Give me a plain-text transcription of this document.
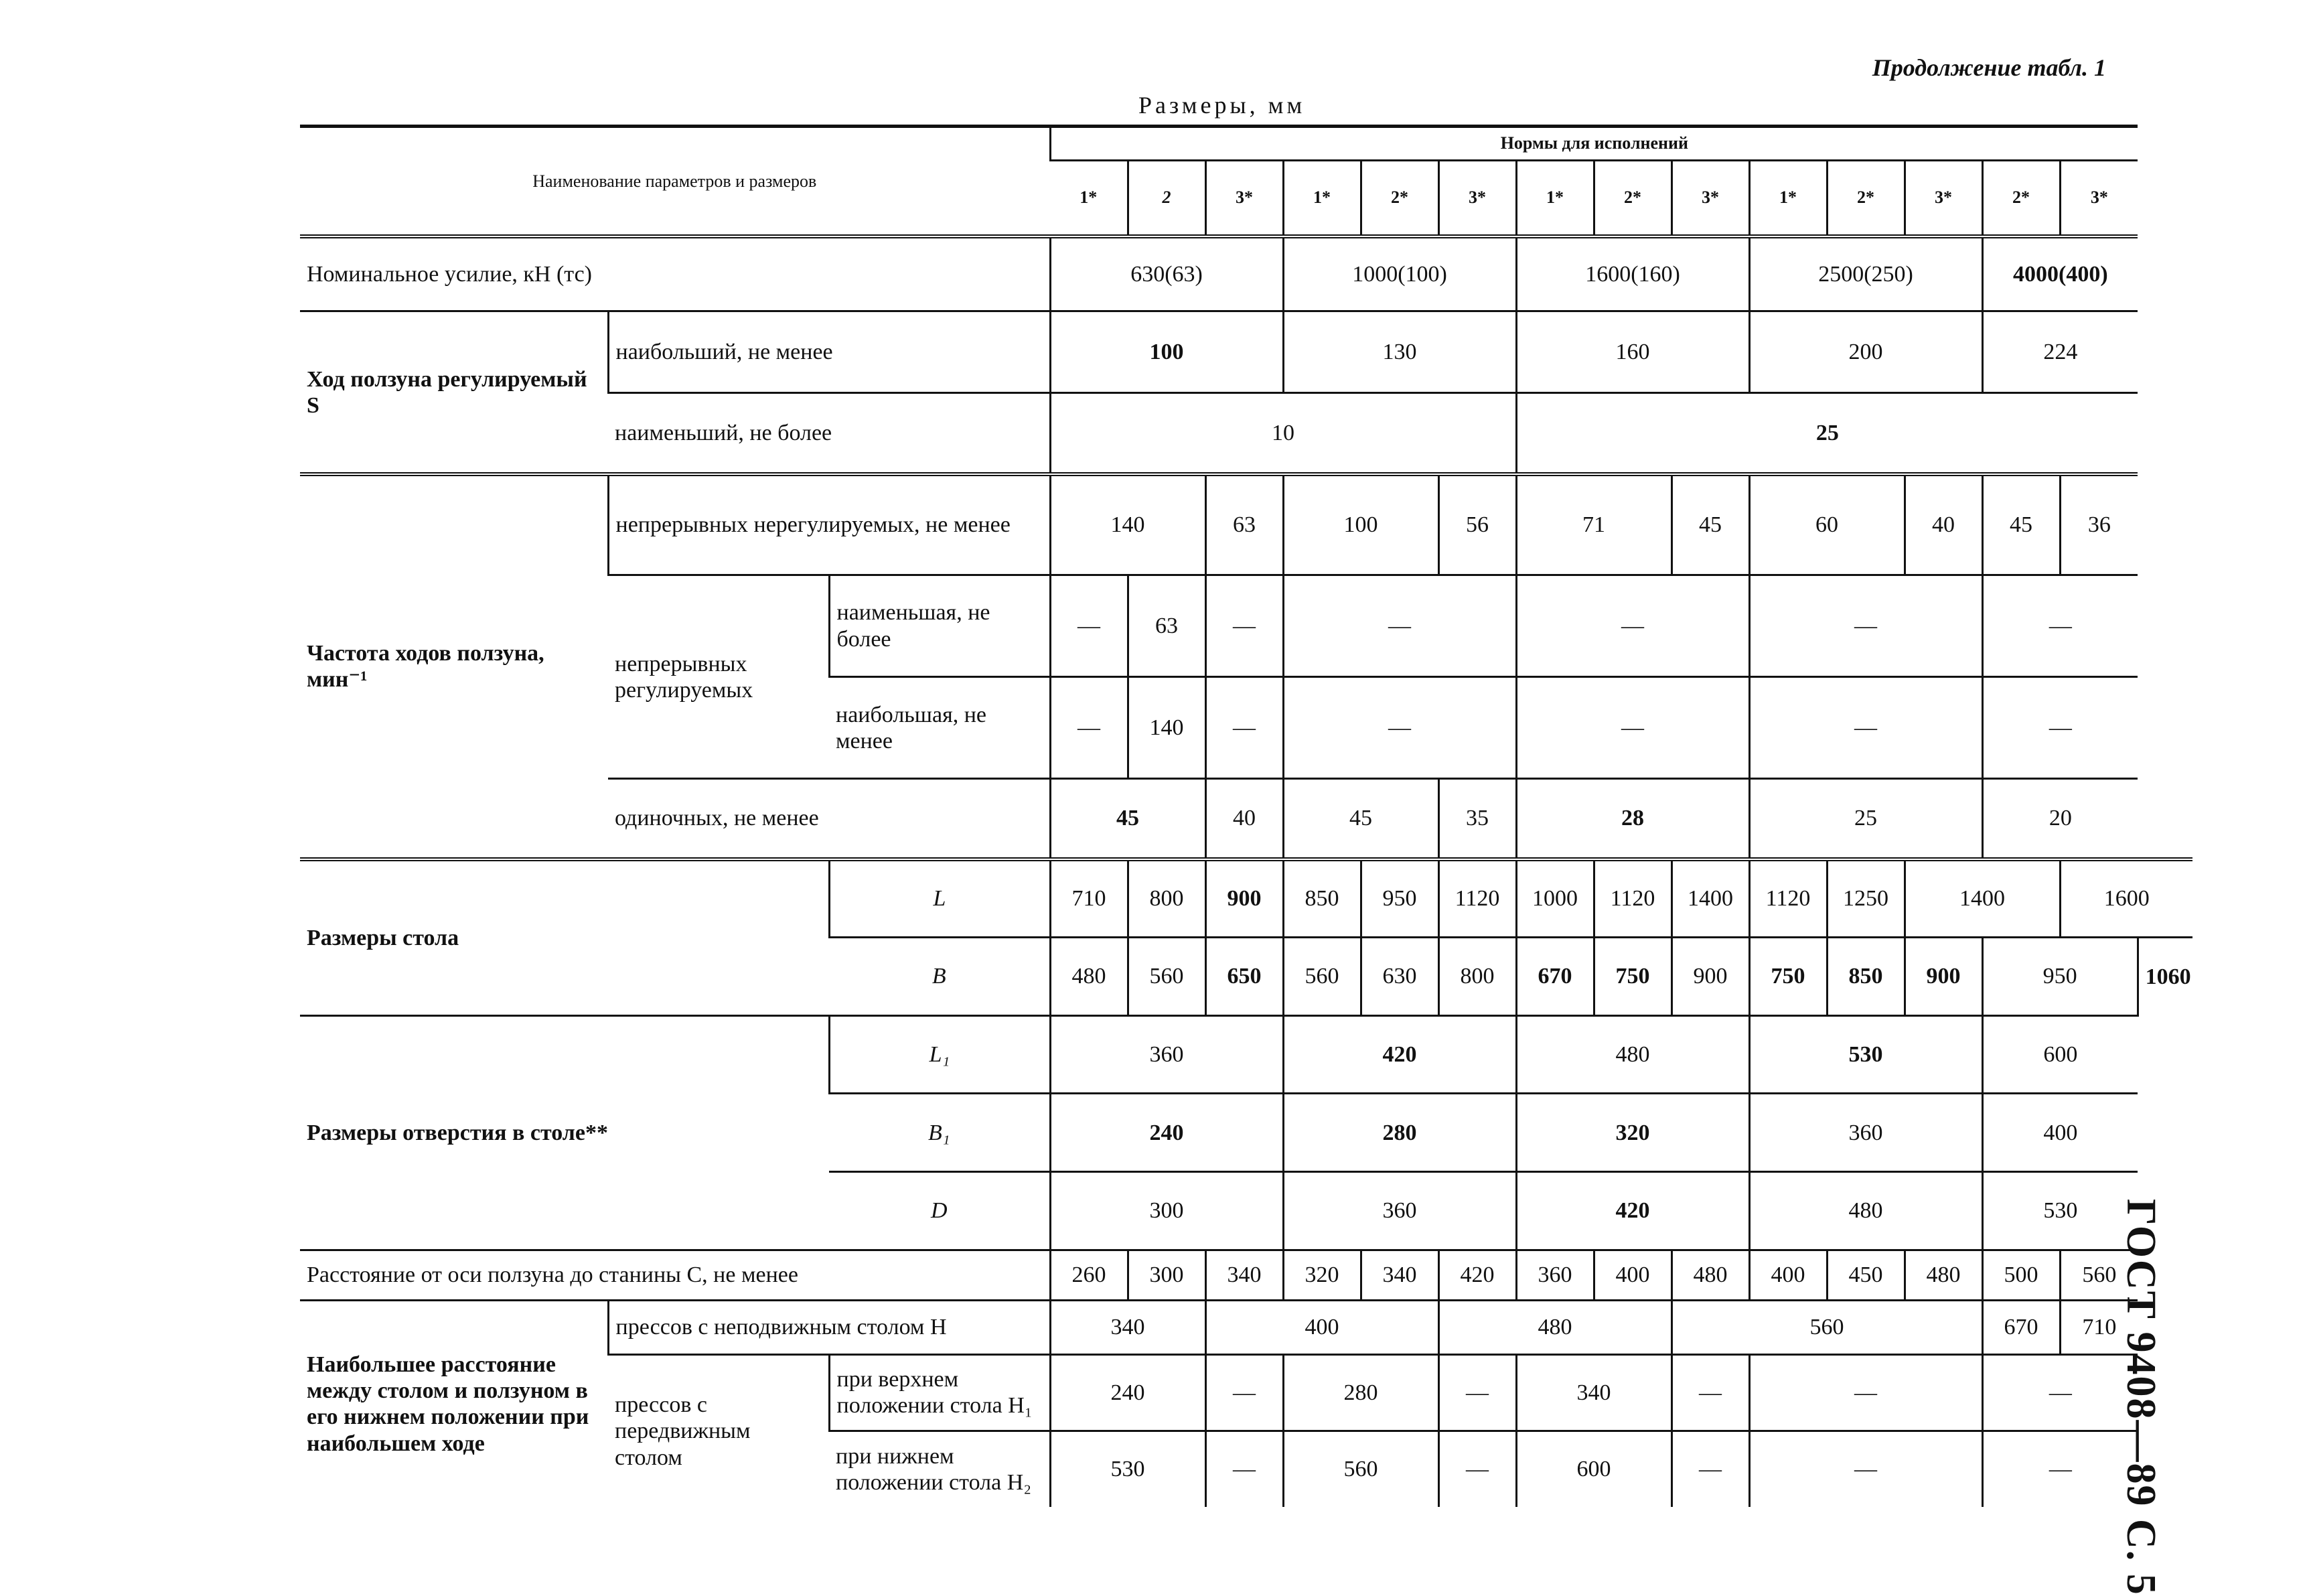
Продолжение табл. 1
Размеры, мм
ГОСТ 9408—89 С. 5
Наименование параметров и размеров			Нормы для исполнений														
			1*	2	3*	1*	2*	3*	1*	2*	3*	1*	2*	3*	2*	3*	
Номинальное усилие, кН (тс)			630(63)			1000(100)			1600(160)			2500(250)			4000(400)		
Ход ползуна регулируемый S	наибольший, не менее		100			130			160			200			224		
	наименьший, не более		10						25								
Частота ходов ползуна, мин⁻¹	непрерывных нерегулируемых, не менее		140		63	100		56	71		45	60		40	45	36	
	непрерывных регулируемых	наименьшая, не более	—	63	—	—			—			—			—		
		наибольшая, не менее	—	140	—	—			—			—			—		
	одиночных, не менее		45		40	45		35	28			25			20		
Размеры стола		L	710	800	900	850	950	1120	1000	1120	1400	1120	1250	1400		1600	
		B	480	560	650	560	630	800	670	750	900	750	850	900	950		1060
Размеры отверстия в столе**		L₁	360			420			480			530			600		
		B₁	240			280			320			360			400		
		D	300			360			420			480			530		
Расстояние от оси ползуна до станины C, не менее			260	300	340	320	340	420	360	400	480	400	450	480	500	560	
Наибольшее расстояние между столом и ползуном в его нижнем положении при наибольшем ходе	прессов с неподвижным столом H		340		400			480			560				670	710	
	прессов с передвижным столом	при верхнем положении стола H₁	240		—	280		—	340		—	—			—		
		при нижнем положении стола H₂	530		—	560		—	600		—	—			—		
